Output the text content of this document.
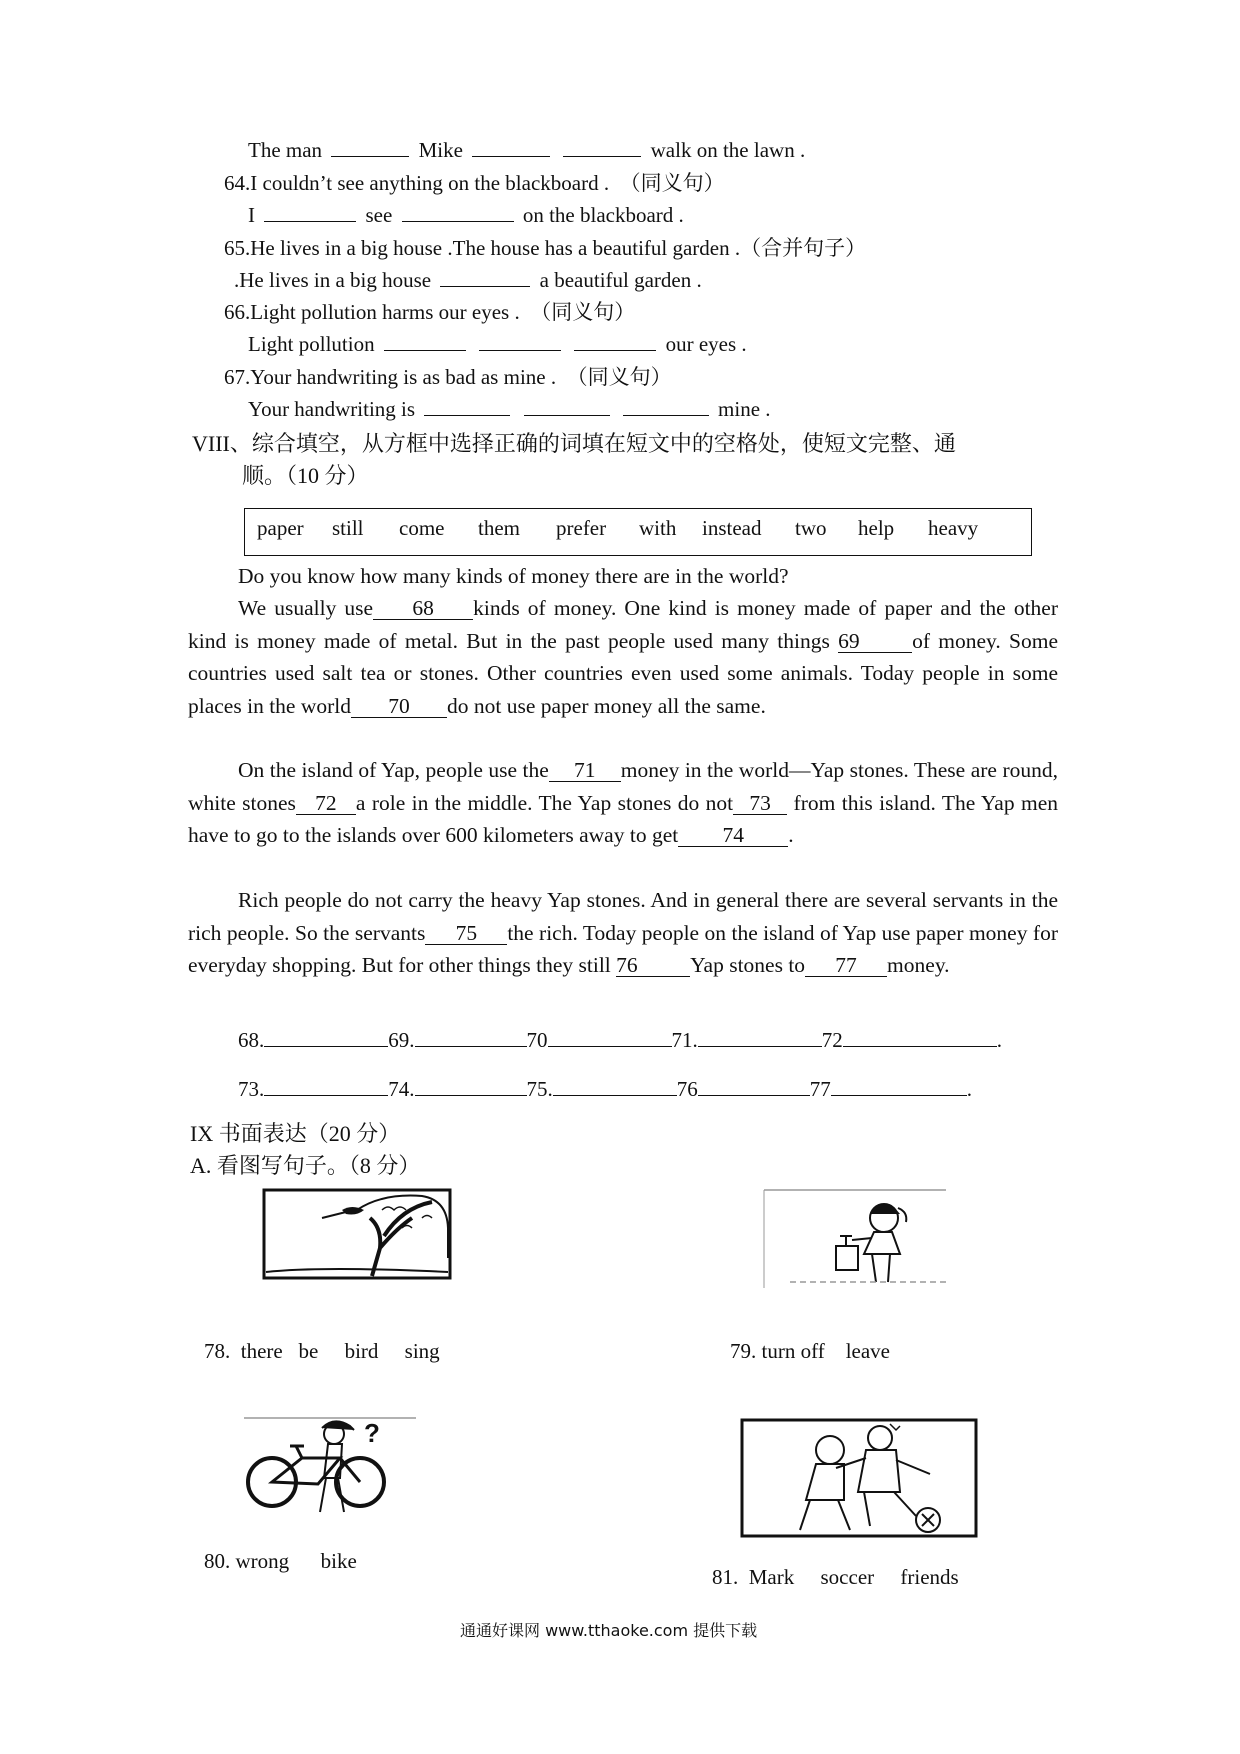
The man	Mike	walk on the lawn .
64.I couldn’t see anything on the blackboard . （同义句）
I	see	on the blackboard .
65.He lives in a big house .The house has a beautiful garden .（合并句子）
.He lives in a big house	a beautiful garden .
66.Light pollution harms our eyes . （同义句）
Light pollution	our eyes .
67.Your handwriting is as bad as mine . （同义句）
Your handwriting is	mine .
VIII、综合填空，从方框中选择正确的词填在短文中的空格处，使短文完整、通
顺。（10 分）
paper still come them prefer with instead two help heavy
Do you know how many kinds of money there are in the world?
We usually use 68 kinds of money. One kind is money made of paper and the other kind is money made of metal. But in the past people used many things 69 of money. Some countries used salt tea or stones. Other countries even used some animals. Today people in some places in the world 70 do not use paper money all the same.
On the island of Yap, people use the 71 money in the world—Yap stones. These are round, white stones 72 a role in the middle. The Yap stones do not 73 from this island. The Yap men have to go to the islands over 600 kilometers away to get 74 .
Rich people do not carry the heavy Yap stones. And in general there are several servants in the rich people. So the servants 75 the rich. Today people on the island of Yap use paper money for everyday shopping. But for other things they still 76 Yap stones to 77 money.
68.	69.	70	71.	72	.
73.	74.	75.	76	77	.
IX 书面表达（20 分）
A. 看图写句子。（8 分）
78. there be bird sing	79. turn off leave
?
80. wrong bike
81. Mark soccer friends
通通好课网 www.tthaoke.com 提供下载
